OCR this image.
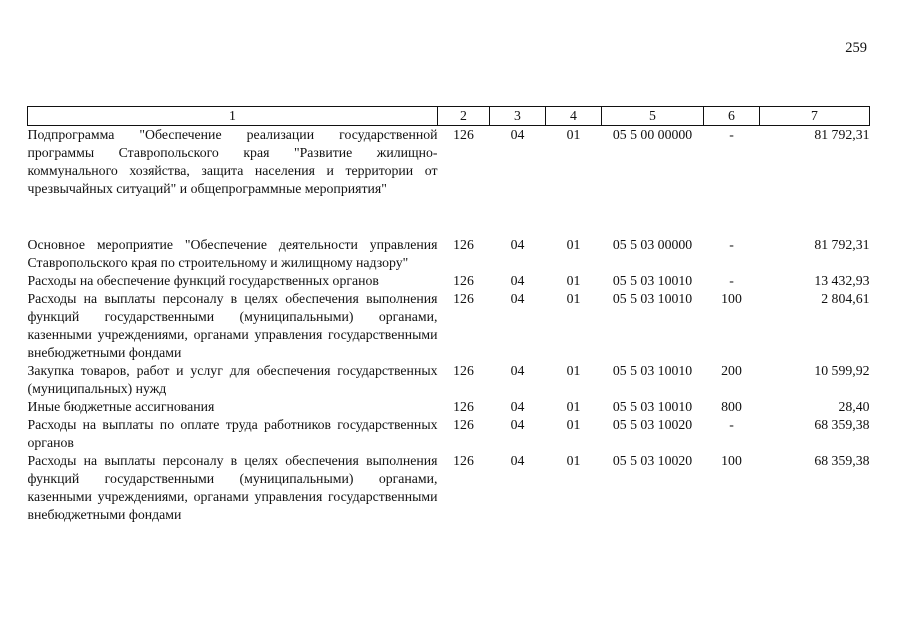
259
1	2	3	4	5	6	7
Подпрограмма "Обеспечение реализации государственной программы Ставропольского края "Развитие жилищно-коммунального хозяйства, защита населения и территории от чрезвычайных ситуаций" и общепрограммные мероприятия"	126	04	01	05 5 00 00000	-	81 792,31
Основное мероприятие "Обеспечение деятельности управления Ставропольского края по строительному и жилищному надзору"	126	04	01	05 5 03 00000	-	81 792,31
Расходы на обеспечение функций государственных органов	126	04	01	05 5 03 10010	-	13 432,93
Расходы на выплаты персоналу в целях обеспечения выполнения функций государственными (муниципальными) органами, казенными учреждениями, органами управления государственными внебюджетными фондами	126	04	01	05 5 03 10010	100	2 804,61
Закупка товаров, работ и услуг для обеспечения государственных (муниципальных) нужд	126	04	01	05 5 03 10010	200	10 599,92
Иные бюджетные ассигнования	126	04	01	05 5 03 10010	800	28,40
Расходы на выплаты по оплате труда работников государственных органов	126	04	01	05 5 03 10020	-	68 359,38
Расходы на выплаты персоналу в целях обеспечения выполнения функций государственными (муниципальными) органами, казенными учреждениями, органами управления государственными внебюджетными фондами	126	04	01	05 5 03 10020	100	68 359,38
